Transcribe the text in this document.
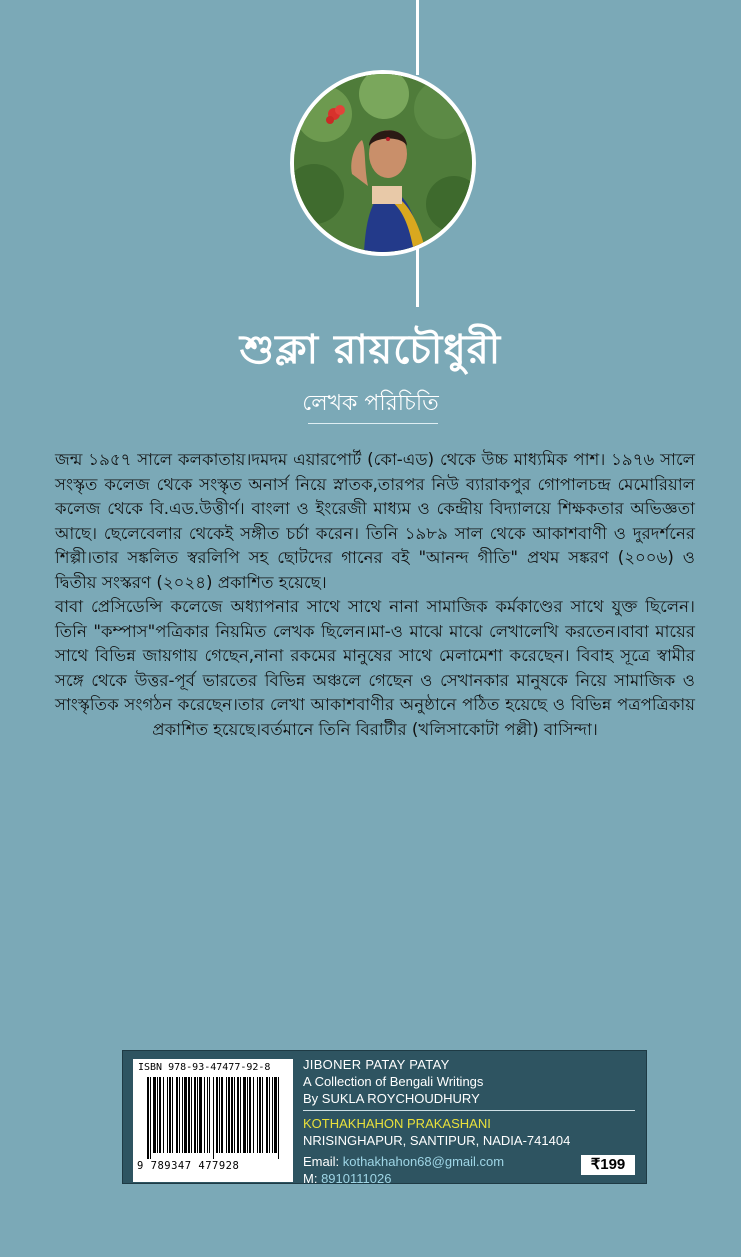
শুক্লা রায়চৌধুরী
লেখক পরিচিতি

জন্ম ১৯৫৭ সালে কলকাতায়।দমদম এয়ারপোর্ট (কো-এড) থেকে উচ্চ মাধ্যমিক পাশ। ১৯৭৬ সালে সংস্কৃত কলেজ থেকে সংস্কৃত অনার্স নিয়ে স্নাতক,তারপর নিউ ব্যারাকপুর গোপালচন্দ্র মেমোরিয়াল কলেজ থেকে বি.এড.উত্তীর্ণ। বাংলা ও ইংরেজী মাধ্যম ও কেন্দ্রীয় বিদ্যালয়ে শিক্ষকতার অভিজ্ঞতা আছে। ছেলেবেলার থেকেই সঙ্গীত চর্চা করেন। তিনি ১৯৮৯ সাল থেকে আকাশবাণী ও দুরদর্শনের শিল্পী।তার সঙ্কলিত স্বরলিপি সহ ছোটদের গানের বই "আনন্দ গীতি" প্রথম সঙ্করণ (২০০৬) ও দ্বিতীয় সংস্করণ (২০২৪) প্রকাশিত হয়েছে।

বাবা প্রেসিডেন্সি কলেজে অধ্যাপনার সাথে সাথে নানা সামাজিক কর্মকাণ্ডের সাথে যুক্ত ছিলেন। তিনি "কম্পাস"পত্রিকার নিয়মিত লেখক ছিলেন।মা-ও মাঝে মাঝে লেখালেখি করতেন।বাবা মায়ের সাথে বিভিন্ন জায়গায় গেছেন,নানা রকমের মানুষের সাথে মেলামেশা করেছেন। বিবাহ সূত্রে স্বামীর সঙ্গে থেকে উত্তর-পূর্ব ভারতের বিভিন্ন অঞ্চলে গেছেন ও সেখানকার মানুষকে নিয়ে সামাজিক ও সাংস্কৃতিক সংগঠন করেছেন।তার লেখা আকাশবাণীর অনুষ্ঠানে পঠিত হয়েছে ও বিভিন্ন পত্রপত্রিকায় প্রকাশিত হয়েছে।বর্তমানে তিনি বিরাটীর (খলিসাকোটা পল্লী) বাসিন্দা।

ISBN 978-93-47477-92-8
9 789347 477928
JIBONER PATAY PATAY
A Collection of Bengali Writings
By SUKLA ROYCHOUDHURY
KOTHAKHAHON PRAKASHANI
NRISINGHAPUR, SANTIPUR, NADIA-741404
Email: kothakhahon68@gmail.com
M: 8910111026
₹199
